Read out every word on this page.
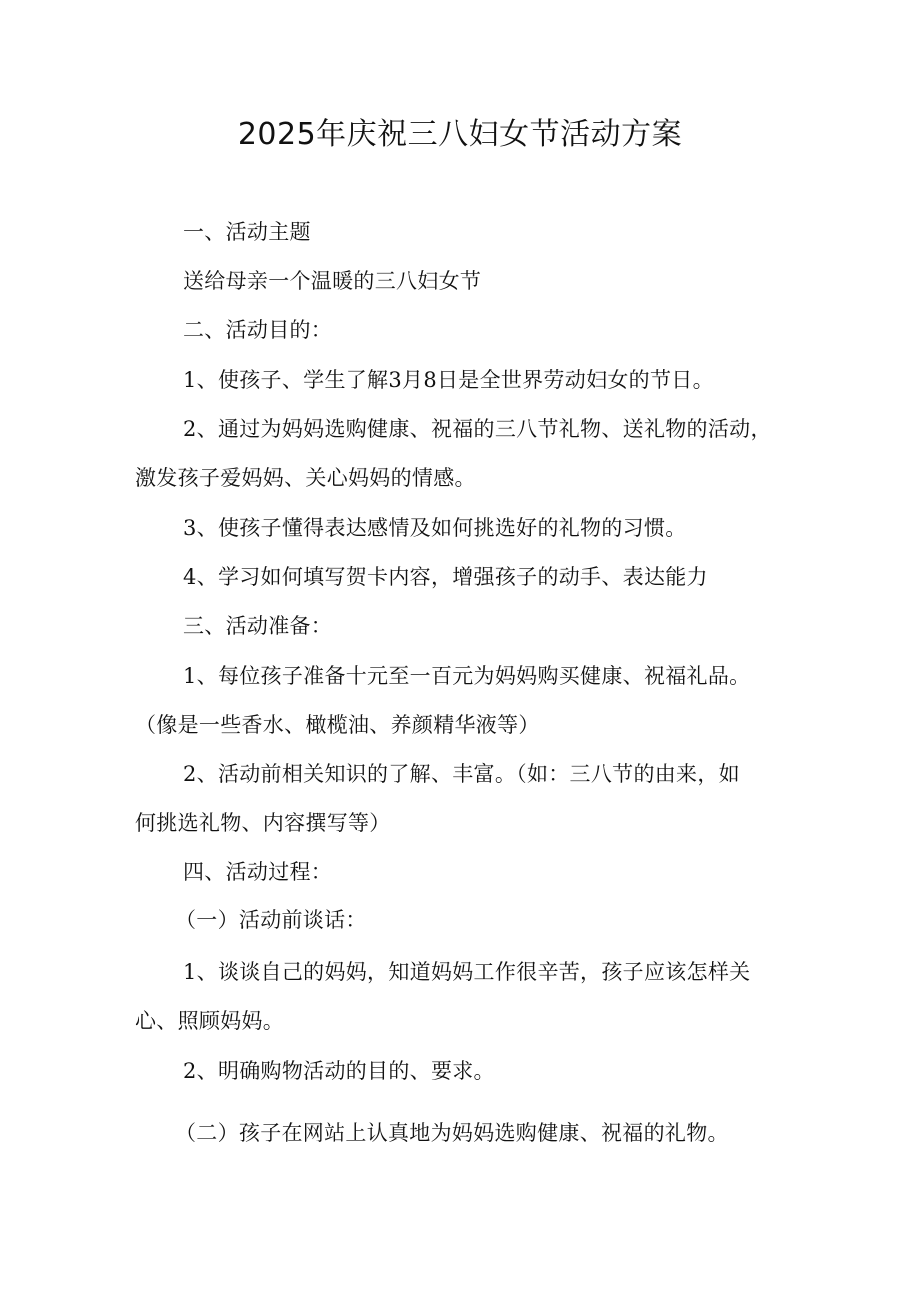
2025年庆祝三八妇女节活动方案
一、活动主题
送给母亲一个温暖的三八妇女节
二、活动目的：
1、使孩子、学生了解3月8日是全世界劳动妇女的节日。
2、通过为妈妈选购健康、祝福的三八节礼物、送礼物的活动，
激发孩子爱妈妈、关心妈妈的情感。
3、使孩子懂得表达感情及如何挑选好的礼物的习惯。
4、学习如何填写贺卡内容，增强孩子的动手、表达能力
三、活动准备：
1、每位孩子准备十元至一百元为妈妈购买健康、祝福礼品。
（像是一些香水、橄榄油、养颜精华液等）
2、活动前相关知识的了解、丰富。（如：三八节的由来，如
何挑选礼物、内容撰写等）
四、活动过程：
（一）活动前谈话：
1、谈谈自己的妈妈，知道妈妈工作很辛苦，孩子应该怎样关
心、照顾妈妈。
2、明确购物活动的目的、要求。
（二）孩子在网站上认真地为妈妈选购健康、祝福的礼物。
